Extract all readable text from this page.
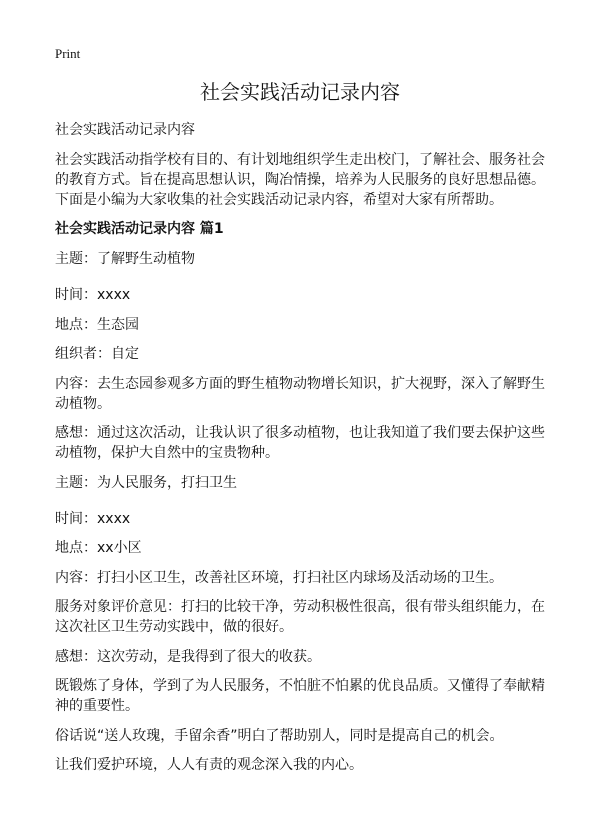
Print
社会实践活动记录内容

社会实践活动记录内容

社会实践活动指学校有目的、有计划地组织学生走出校门，了解社会、服务社会的教育方式。旨在提高思想认识，陶冶情操，培养为人民服务的良好思想品德。下面是小编为大家收集的社会实践活动记录内容，希望对大家有所帮助。

社会实践活动记录内容 篇1

主题：了解野生动植物

时间：xxxx

地点：生态园

组织者：自定

内容：去生态园参观多方面的野生植物动物增长知识，扩大视野，深入了解野生动植物。

感想：通过这次活动，让我认识了很多动植物，也让我知道了我们要去保护这些动植物，保护大自然中的宝贵物种。

主题：为人民服务，打扫卫生

时间：xxxx

地点：xx小区

内容：打扫小区卫生，改善社区环境，打扫社区内球场及活动场的卫生。

服务对象评价意见：打扫的比较干净，劳动积极性很高，很有带头组织能力，在这次社区卫生劳动实践中，做的很好。

感想：这次劳动，是我得到了很大的收获。

既锻炼了身体，学到了为人民服务，不怕脏不怕累的优良品质。又懂得了奉献精神的重要性。

俗话说“送人玫瑰，手留余香”明白了帮助别人，同时是提高自己的机会。

让我们爱护环境，人人有责的观念深入我的内心。
